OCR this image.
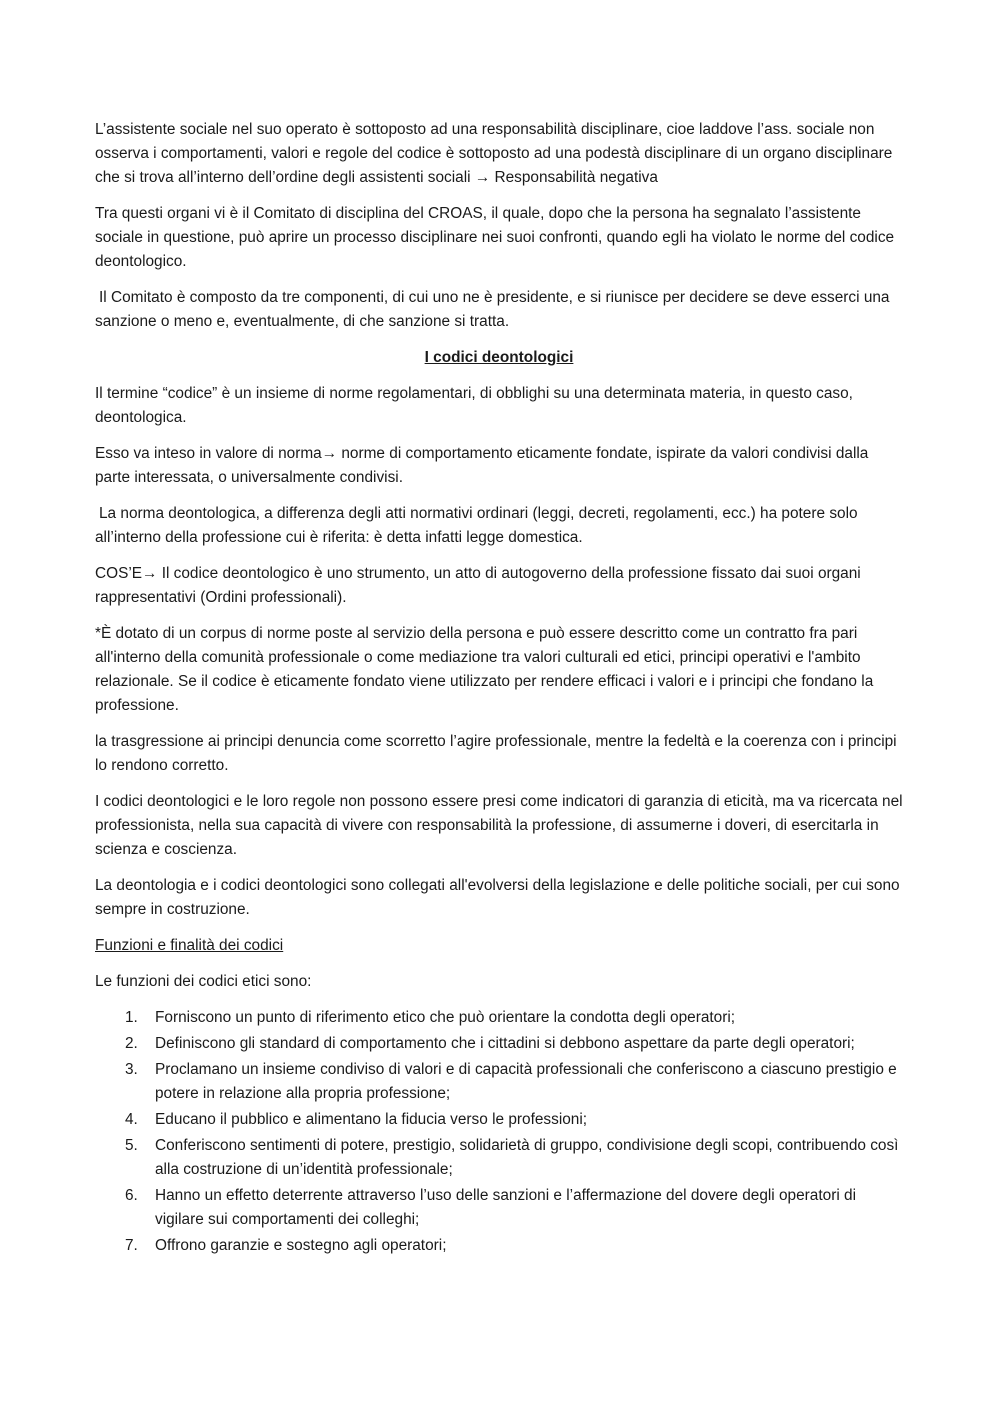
L’assistente sociale nel suo operato è sottoposto ad una responsabilità disciplinare, cioe laddove l’ass. sociale non osserva i comportamenti, valori e regole del codice è sottoposto ad una podestà disciplinare di un organo disciplinare che si trova all’interno dell’ordine degli assistenti sociali → Responsabilità negativa

Tra questi organi vi è il Comitato di disciplina del CROAS, il quale, dopo che la persona ha segnalato l’assistente sociale in questione, può aprire un processo disciplinare nei suoi confronti, quando egli ha violato le norme del codice deontologico.

Il Comitato è composto da tre componenti, di cui uno ne è presidente, e si riunisce per decidere se deve esserci una sanzione o meno e, eventualmente, di che sanzione si tratta.

I codici deontologici

Il termine “codice” è un insieme di norme regolamentari, di obblighi su una determinata materia, in questo caso, deontologica.

Esso va inteso in valore di norma→ norme di comportamento eticamente fondate, ispirate da valori condivisi dalla parte interessata, o universalmente condivisi.

La norma deontologica, a differenza degli atti normativi ordinari (leggi, decreti, regolamenti, ecc.) ha potere solo all’interno della professione cui è riferita: è detta infatti legge domestica.

COS’E→ Il codice deontologico è uno strumento, un atto di autogoverno della professione fissato dai suoi organi rappresentativi (Ordini professionali).

*È dotato di un corpus di norme poste al servizio della persona e può essere descritto come un contratto fra pari all'interno della comunità professionale o come mediazione tra valori culturali ed etici, principi operativi e l'ambito relazionale. Se il codice è eticamente fondato viene utilizzato per rendere efficaci i valori e i principi che fondano la professione.

la trasgressione ai principi denuncia come scorretto l’agire professionale, mentre la fedeltà e la coerenza con i principi lo rendono corretto.

I codici deontologici e le loro regole non possono essere presi come indicatori di garanzia di eticità, ma va ricercata nel professionista, nella sua capacità di vivere con responsabilità la professione, di assumerne i doveri, di esercitarla in scienza e coscienza.

La deontologia e i codici deontologici sono collegati all'evolversi della legislazione e delle politiche sociali, per cui sono sempre in costruzione.

Funzioni e finalità dei codici

Le funzioni dei codici etici sono:

1. Forniscono un punto di riferimento etico che può orientare la condotta degli operatori;
2. Definiscono gli standard di comportamento che i cittadini si debbono aspettare da parte degli operatori;
3. Proclamano un insieme condiviso di valori e di capacità professionali che conferiscono a ciascuno prestigio e potere in relazione alla propria professione;
4. Educano il pubblico e alimentano la fiducia verso le professioni;
5. Conferiscono sentimenti di potere, prestigio, solidarietà di gruppo, condivisione degli scopi, contribuendo così alla costruzione di un’identità professionale;
6. Hanno un effetto deterrente attraverso l’uso delle sanzioni e l’affermazione del dovere degli operatori di vigilare sui comportamenti dei colleghi;
7. Offrono garanzie e sostegno agli operatori;
